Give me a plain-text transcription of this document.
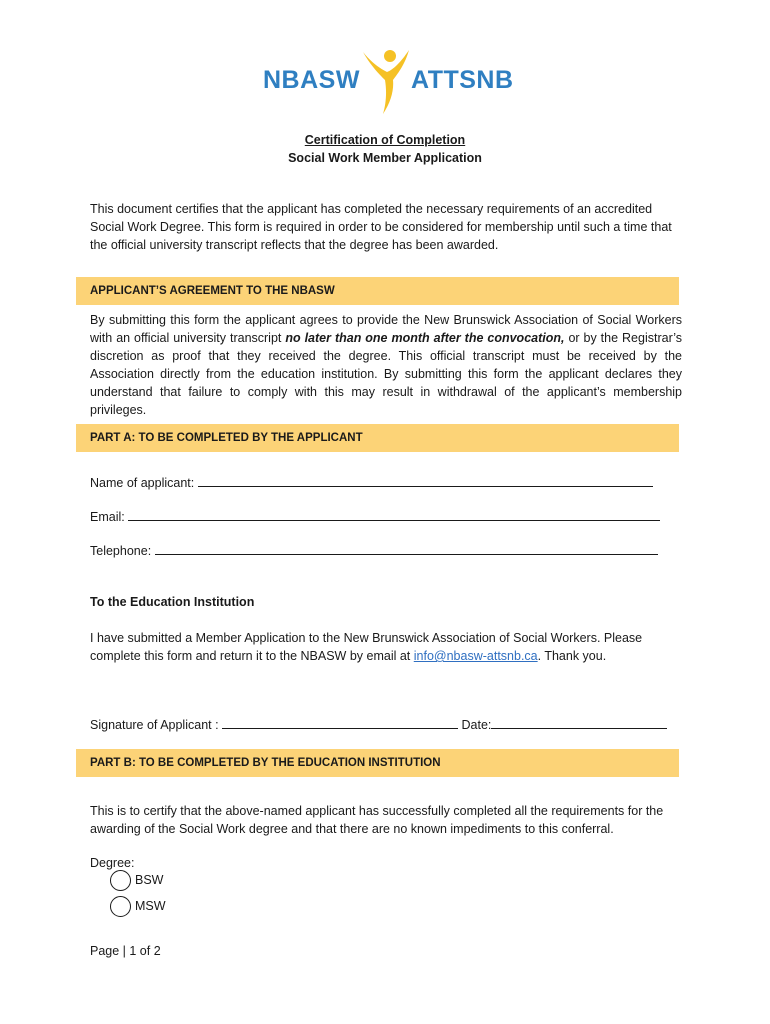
NBASW ATTSNB
Certification of Completion
Social Work Member Application

This document certifies that the applicant has completed the necessary requirements of an accredited Social Work Degree. This form is required in order to be considered for membership until such a time that the official university transcript reflects that the degree has been awarded.

APPLICANT’S AGREEMENT TO THE NBASW

By submitting this form the applicant agrees to provide the New Brunswick Association of Social Workers with an official university transcript no later than one month after the convocation, or by the Registrar’s discretion as proof that they received the degree. This official transcript must be received by the Association directly from the education institution. By submitting this form the applicant declares they understand that failure to comply with this may result in withdrawal of the applicant’s membership privileges.

PART A: TO BE COMPLETED BY THE APPLICANT
Name of applicant:
Email:
Telephone:
To the Education Institution

I have submitted a Member Application to the New Brunswick Association of Social Workers. Please complete this form and return it to the NBASW by email at info@nbasw-attsnb.ca. Thank you.

Signature of Applicant :	Date:
PART B: TO BE COMPLETED BY THE EDUCATION INSTITUTION

This is to certify that the above-named applicant has successfully completed all the requirements for the awarding of the Social Work degree and that there are no known impediments to this conferral.

Degree:
BSW
MSW
Page | 1 of 2
